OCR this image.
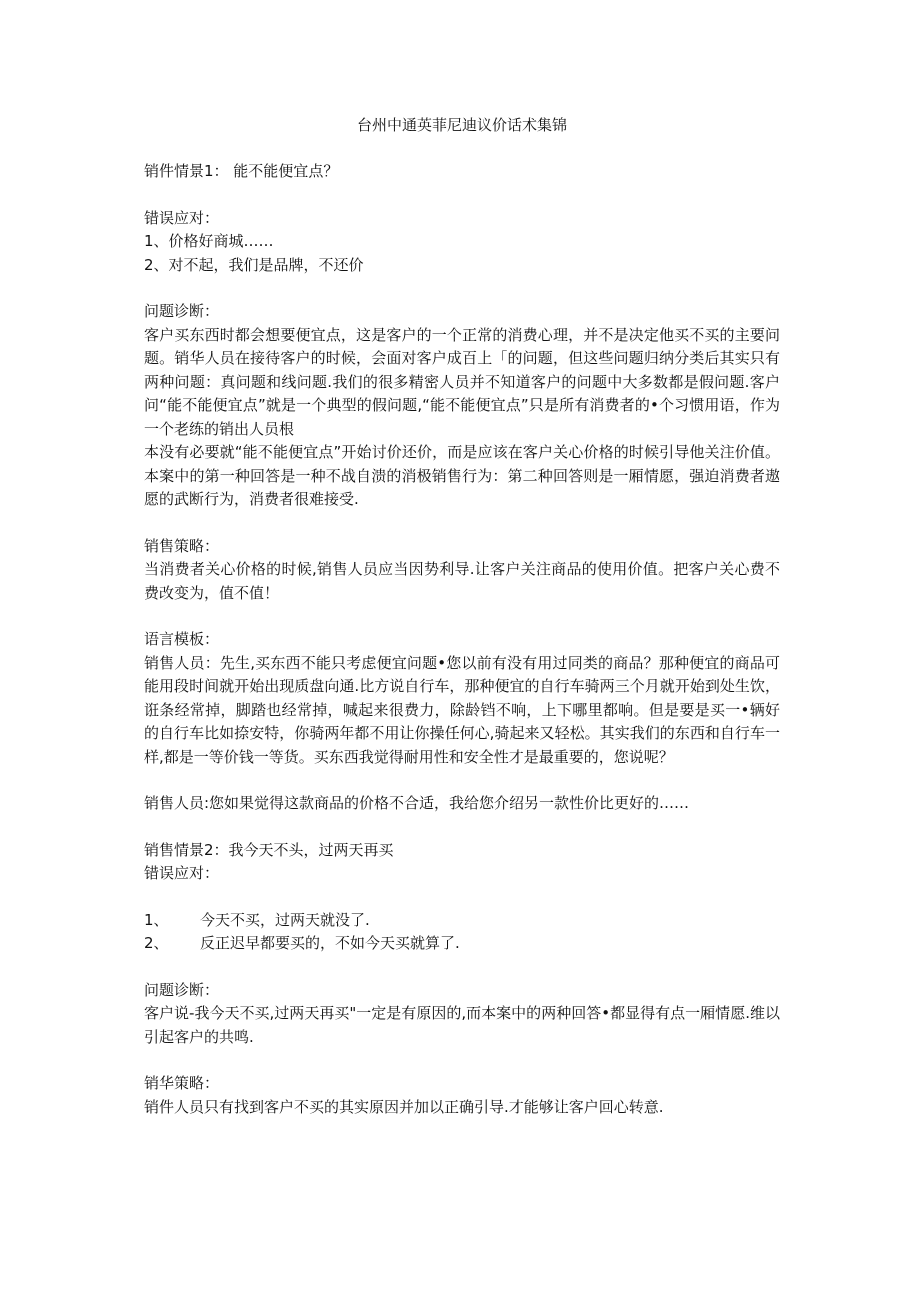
台州中通英菲尼迪议价话术集锦

销件情景1： 能不能便宜点？

错误应对：

1、价格好商城……

2、对不起，我们是品牌，不还价

问题诊断：

客户买东西时都会想要便宜点，这是客户的一个正常的消费心理，并不是决定他买不买的主要问题。销华人员在接待客户的时候，会面对客户成百上「的问题，但这些问题归纳分类后其实只有两种问题：真问题和线问题.我们的很多精密人员并不知道客户的问题中大多数都是假问题.客户问“能不能便宜点”就是一个典型的假问题,“能不能便宜点”只是所有消费者的•个习惯用语，作为一个老练的销出人员根

本没有必要就“能不能便宜点”开始讨价还价，而是应该在客户关心价格的时候引导他关注价值。本案中的第一种回答是一种不战自溃的消极销售行为：第二种回答则是一厢情愿，强迫消费者遨愿的武断行为，消费者很难接受.

销售策略：

当消费者关心价格的时候,销售人员应当因势利导.让客户关注商品的使用价值。把客户关心费不费改变为，值不值！

语言模板：

销售人员：先生,买东西不能只考虑便宜问题•您以前有没有用过同类的商品？那种便宜的商品可能用段时间就开始出现质盘向通.比方说自行车，那种便宜的自行车骑两三个月就开始到处生饮，诳条经常掉，脚踏也经常掉，喊起来很费力，除龄铛不响，上下哪里都响。但是要是买一•辆好的自行车比如捺安特，你骑两年都不用让你操任何心,骑起来又轻松。其实我们的东西和自行车一样,都是一等价钱一等货。买东西我觉得耐用性和安全性才是最重要的，您说呢？

销售人员:您如果觉得这款商品的价格不合适，我给您介绍另一款性价比更好的……

销售情景2：我今天不头，过两天再买

错误应对：

1、	今天不买，过两天就没了.

2、	反正迟早都要买的，不如今天买就算了.

问题诊断：

客户说-我今天不买,过两天再买"一定是有原因的,而本案中的两种回答•都显得有点一厢情愿.维以引起客户的共鸣.

销华策略：

销件人员只有找到客户不买的其实原因并加以正确引导.才能够让客户回心转意.
